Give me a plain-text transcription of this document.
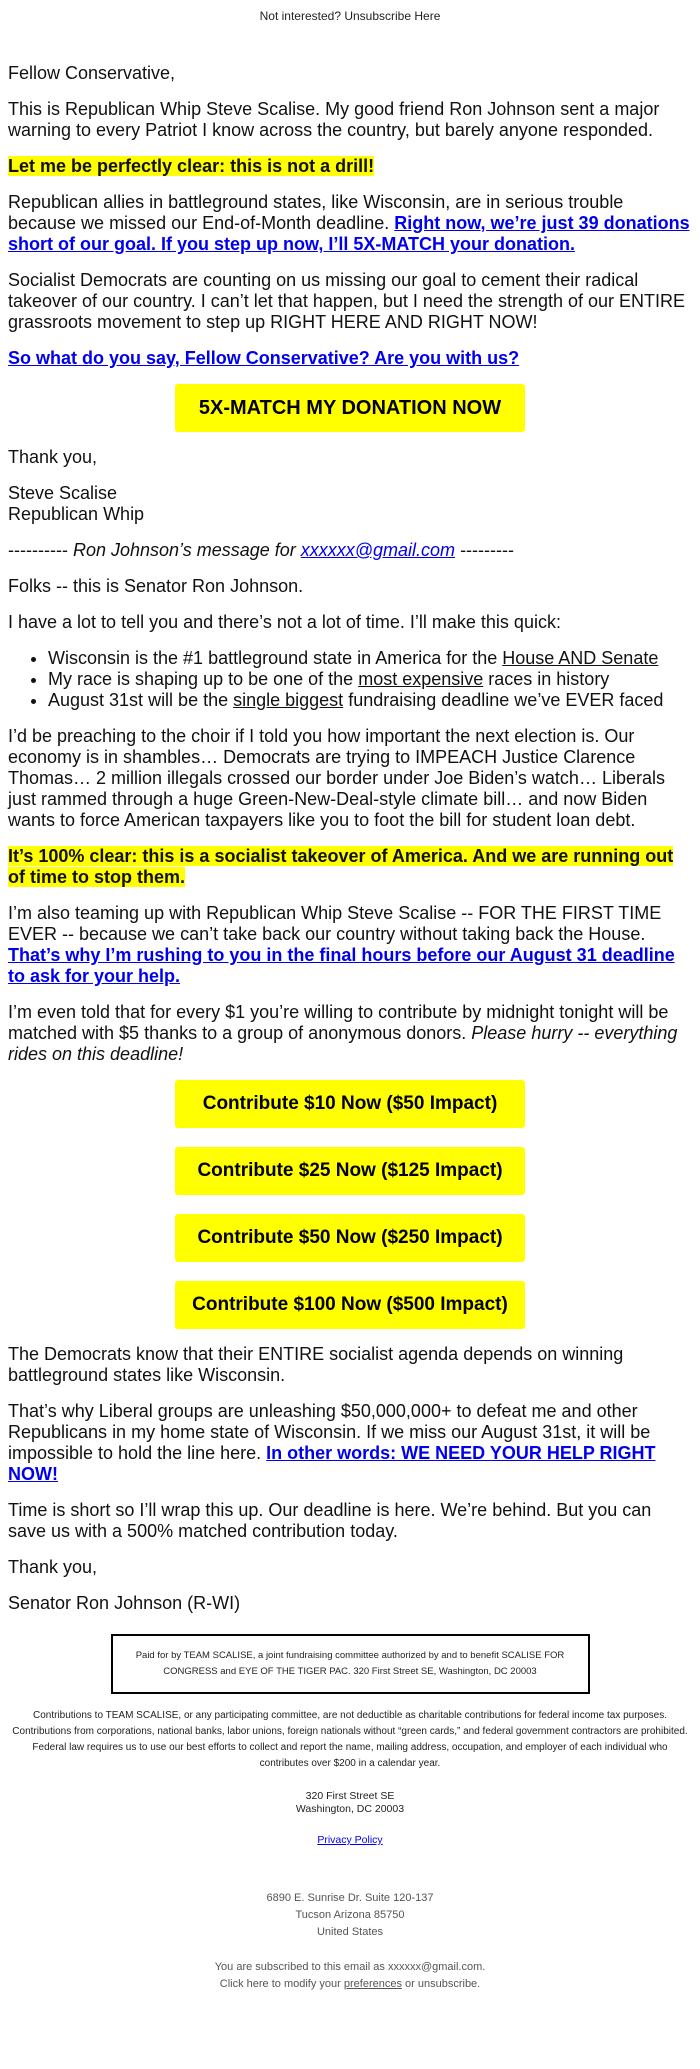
Not interested? Unsubscribe Here

Fellow Conservative,

This is Republican Whip Steve Scalise. My good friend Ron Johnson sent a major warning to every Patriot I know across the country, but barely anyone responded.

Let me be perfectly clear: this is not a drill!

Republican allies in battleground states, like Wisconsin, are in serious trouble because we missed our End-of-Month deadline. Right now, we’re just 39 donations short of our goal. If you step up now, I’ll 5X-MATCH your donation.

Socialist Democrats are counting on us missing our goal to cement their radical takeover of our country. I can’t let that happen, but I need the strength of our ENTIRE grassroots movement to step up RIGHT HERE AND RIGHT NOW!

So what do you say, Fellow Conservative? Are you with us?

5X-MATCH MY DONATION NOW

Thank you,

Steve Scalise
Republican Whip

---------- Ron Johnson’s message for xxxxxx@gmail.com ---------

Folks -- this is Senator Ron Johnson.

I have a lot to tell you and there’s not a lot of time. I’ll make this quick:

• Wisconsin is the #1 battleground state in America for the House AND Senate
• My race is shaping up to be one of the most expensive races in history
• August 31st will be the single biggest fundraising deadline we’ve EVER faced

I’d be preaching to the choir if I told you how important the next election is. Our economy is in shambles… Democrats are trying to IMPEACH Justice Clarence Thomas… 2 million illegals crossed our border under Joe Biden’s watch… Liberals just rammed through a huge Green-New-Deal-style climate bill… and now Biden wants to force American taxpayers like you to foot the bill for student loan debt.

It’s 100% clear: this is a socialist takeover of America. And we are running out of time to stop them.

I’m also teaming up with Republican Whip Steve Scalise -- FOR THE FIRST TIME EVER -- because we can’t take back our country without taking back the House. That’s why I’m rushing to you in the final hours before our August 31 deadline to ask for your help.

I’m even told that for every $1 you’re willing to contribute by midnight tonight will be matched with $5 thanks to a group of anonymous donors. Please hurry -- everything rides on this deadline!

Contribute $10 Now ($50 Impact)
Contribute $25 Now ($125 Impact)
Contribute $50 Now ($250 Impact)
Contribute $100 Now ($500 Impact)

The Democrats know that their ENTIRE socialist agenda depends on winning battleground states like Wisconsin.

That’s why Liberal groups are unleashing $50,000,000+ to defeat me and other Republicans in my home state of Wisconsin. If we miss our August 31st, it will be impossible to hold the line here. In other words: WE NEED YOUR HELP RIGHT NOW!

Time is short so I’ll wrap this up. Our deadline is here. We’re behind. But you can save us with a 500% matched contribution today.

Thank you,

Senator Ron Johnson (R-WI)

Paid for by TEAM SCALISE, a joint fundraising committee authorized by and to benefit SCALISE FOR CONGRESS and EYE OF THE TIGER PAC. 320 First Street SE, Washington, DC 20003
Contributions to TEAM SCALISE, or any participating committee, are not deductible as charitable contributions for federal income tax purposes. Contributions from corporations, national banks, labor unions, foreign nationals without “green cards,” and federal government contractors are prohibited. Federal law requires us to use our best efforts to collect and report the name, mailing address, occupation, and employer of each individual who contributes over $200 in a calendar year.
320 First Street SE
Washington, DC 20003
Privacy Policy
6890 E. Sunrise Dr. Suite 120-137
Tucson Arizona 85750
United States
You are subscribed to this email as xxxxxx@gmail.com.
Click here to modify your preferences or unsubscribe.
